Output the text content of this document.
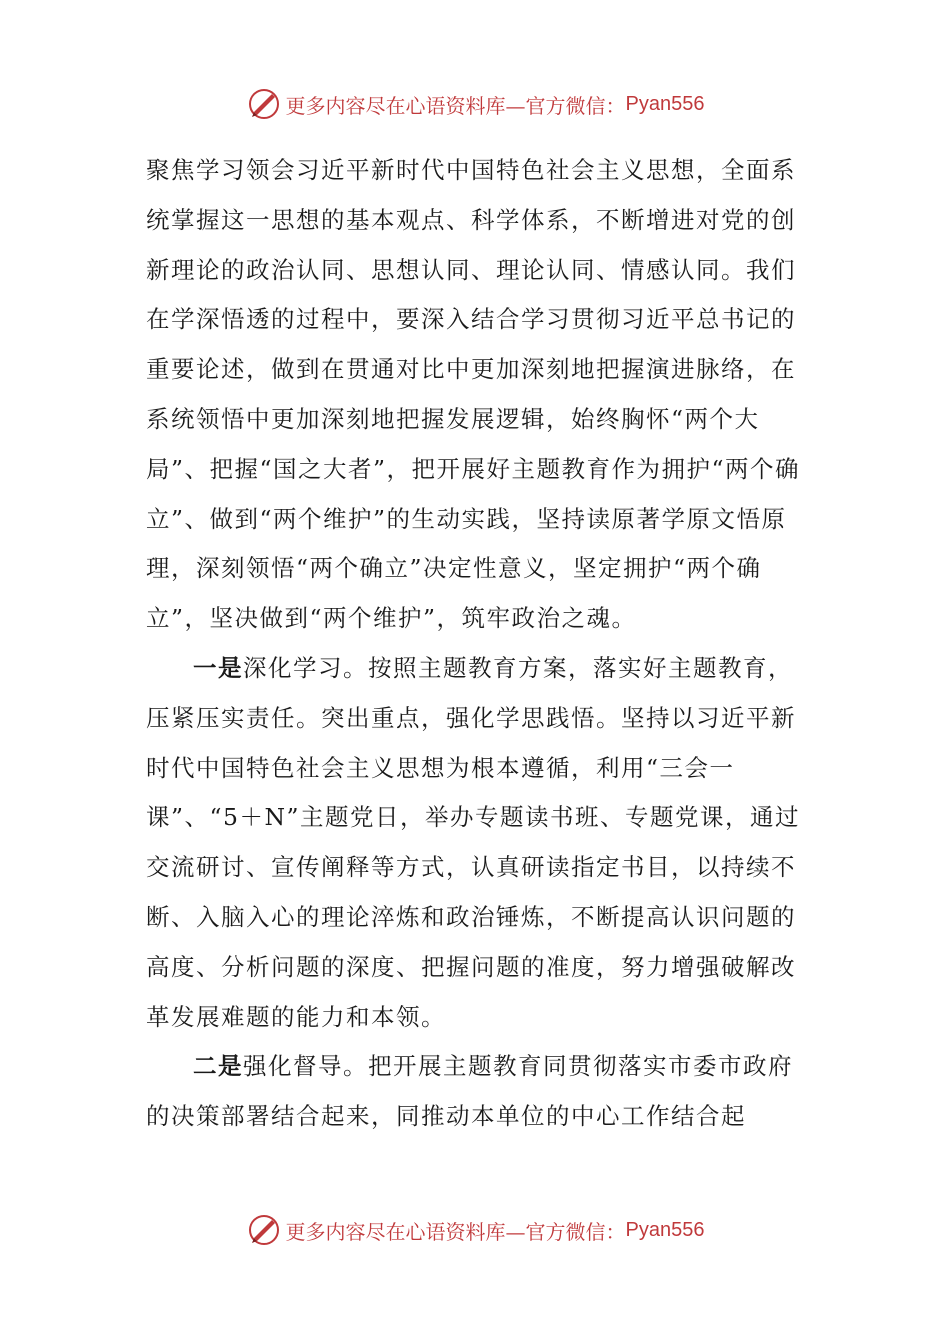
更多内容尽在心语资料库—官方微信： Pyan556

聚焦学习领会习近平新时代中国特色社会主义思想，全面系统掌握这一思想的基本观点、科学体系，不断增进对党的创新理论的政治认同、思想认同、理论认同、情感认同。我们在学深悟透的过程中，要深入结合学习贯彻习近平总书记的重要论述，做到在贯通对比中更加深刻地把握演进脉络，在系统领悟中更加深刻地把握发展逻辑，始终胸怀“两个大局”、把握“国之大者”，把开展好主题教育作为拥护“两个确立”、做到“两个维护”的生动实践，坚持读原著学原文悟原理，深刻领悟“两个确立”决定性意义，坚定拥护“两个确立”，坚决做到“两个维护”，筑牢政治之魂。

一是深化学习。按照主题教育方案，落实好主题教育，压紧压实责任。突出重点，强化学思践悟。坚持以习近平新时代中国特色社会主义思想为根本遵循，利用“三会一课”、“5＋N”主题党日，举办专题读书班、专题党课，通过交流研讨、宣传阐释等方式，认真研读指定书目，以持续不断、入脑入心的理论淬炼和政治锤炼，不断提高认识问题的高度、分析问题的深度、把握问题的准度，努力增强破解改革发展难题的能力和本领。

二是强化督导。把开展主题教育同贯彻落实市委市政府的决策部署结合起来，同推动本单位的中心工作结合起

更多内容尽在心语资料库—官方微信： Pyan556
